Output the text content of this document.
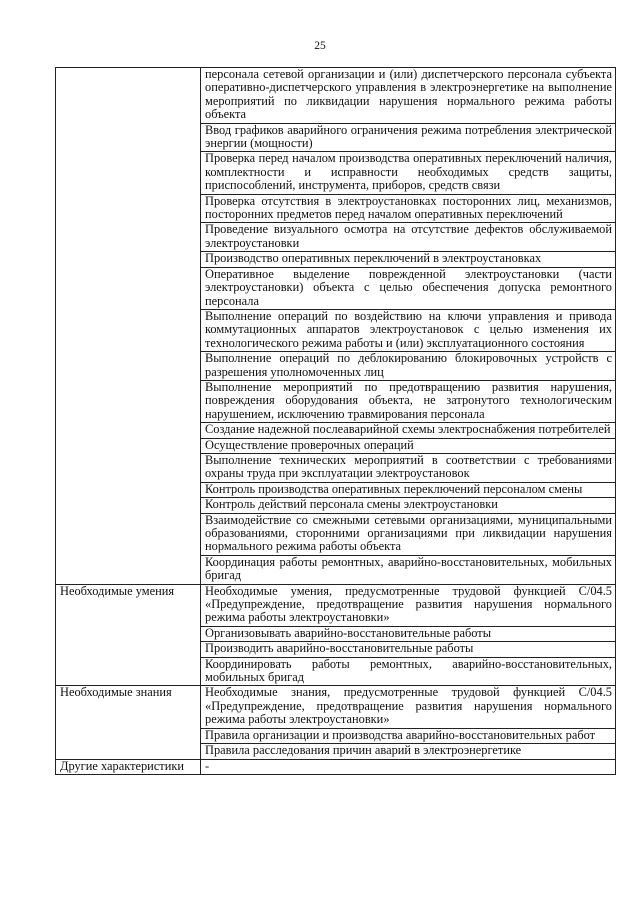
25
	персонала сетевой организации и (или) диспетчерского персонала субъекта оперативно-диспетчерского управления в электроэнергетике на выполнение мероприятий по ликвидации нарушения нормального режима работы объекта
	Ввод графиков аварийного ограничения режима потребления электрической энергии (мощности)
	Проверка перед началом производства оперативных переключений наличия, комплектности и исправности необходимых средств защиты, приспособлений, инструмента, приборов, средств связи
	Проверка отсутствия в электроустановках посторонних лиц, механизмов, посторонних предметов перед началом оперативных переключений
	Проведение визуального осмотра на отсутствие дефектов обслуживаемой электроустановки
	Производство оперативных переключений в электроустановках
	Оперативное выделение поврежденной электроустановки (части электроустановки) объекта с целью обеспечения допуска ремонтного персонала
	Выполнение операций по воздействию на ключи управления и привода коммутационных аппаратов электроустановок с целью изменения их технологического режима работы и (или) эксплуатационного состояния
	Выполнение операций по деблокированию блокировочных устройств с разрешения уполномоченных лиц
	Выполнение мероприятий по предотвращению развития нарушения, повреждения оборудования объекта, не затронутого технологическим нарушением, исключению травмирования персонала
	Создание надежной послеаварийной схемы электроснабжения потребителей
	Осуществление проверочных операций
	Выполнение технических мероприятий в соответствии с требованиями охраны труда при эксплуатации электроустановок
	Контроль производства оперативных переключений персоналом смены
	Контроль действий персонала смены электроустановки
	Взаимодействие со смежными сетевыми организациями, муниципальными образованиями, сторонними организациями при ликвидации нарушения нормального режима работы объекта
	Координация работы ремонтных, аварийно-восстановительных, мобильных бригад
Необходимые умения	Необходимые умения, предусмотренные трудовой функцией С/04.5 «Предупреждение, предотвращение развития нарушения нормального режима работы электроустановки»
	Организовывать аварийно-восстановительные работы
	Производить аварийно-восстановительные работы
	Координировать работы ремонтных, аварийно-восстановительных, мобильных бригад
Необходимые знания	Необходимые знания, предусмотренные трудовой функцией С/04.5 «Предупреждение, предотвращение развития нарушения нормального режима работы электроустановки»
	Правила организации и производства аварийно-восстановительных работ
	Правила расследования причин аварий в электроэнергетике
Другие характеристики	-
